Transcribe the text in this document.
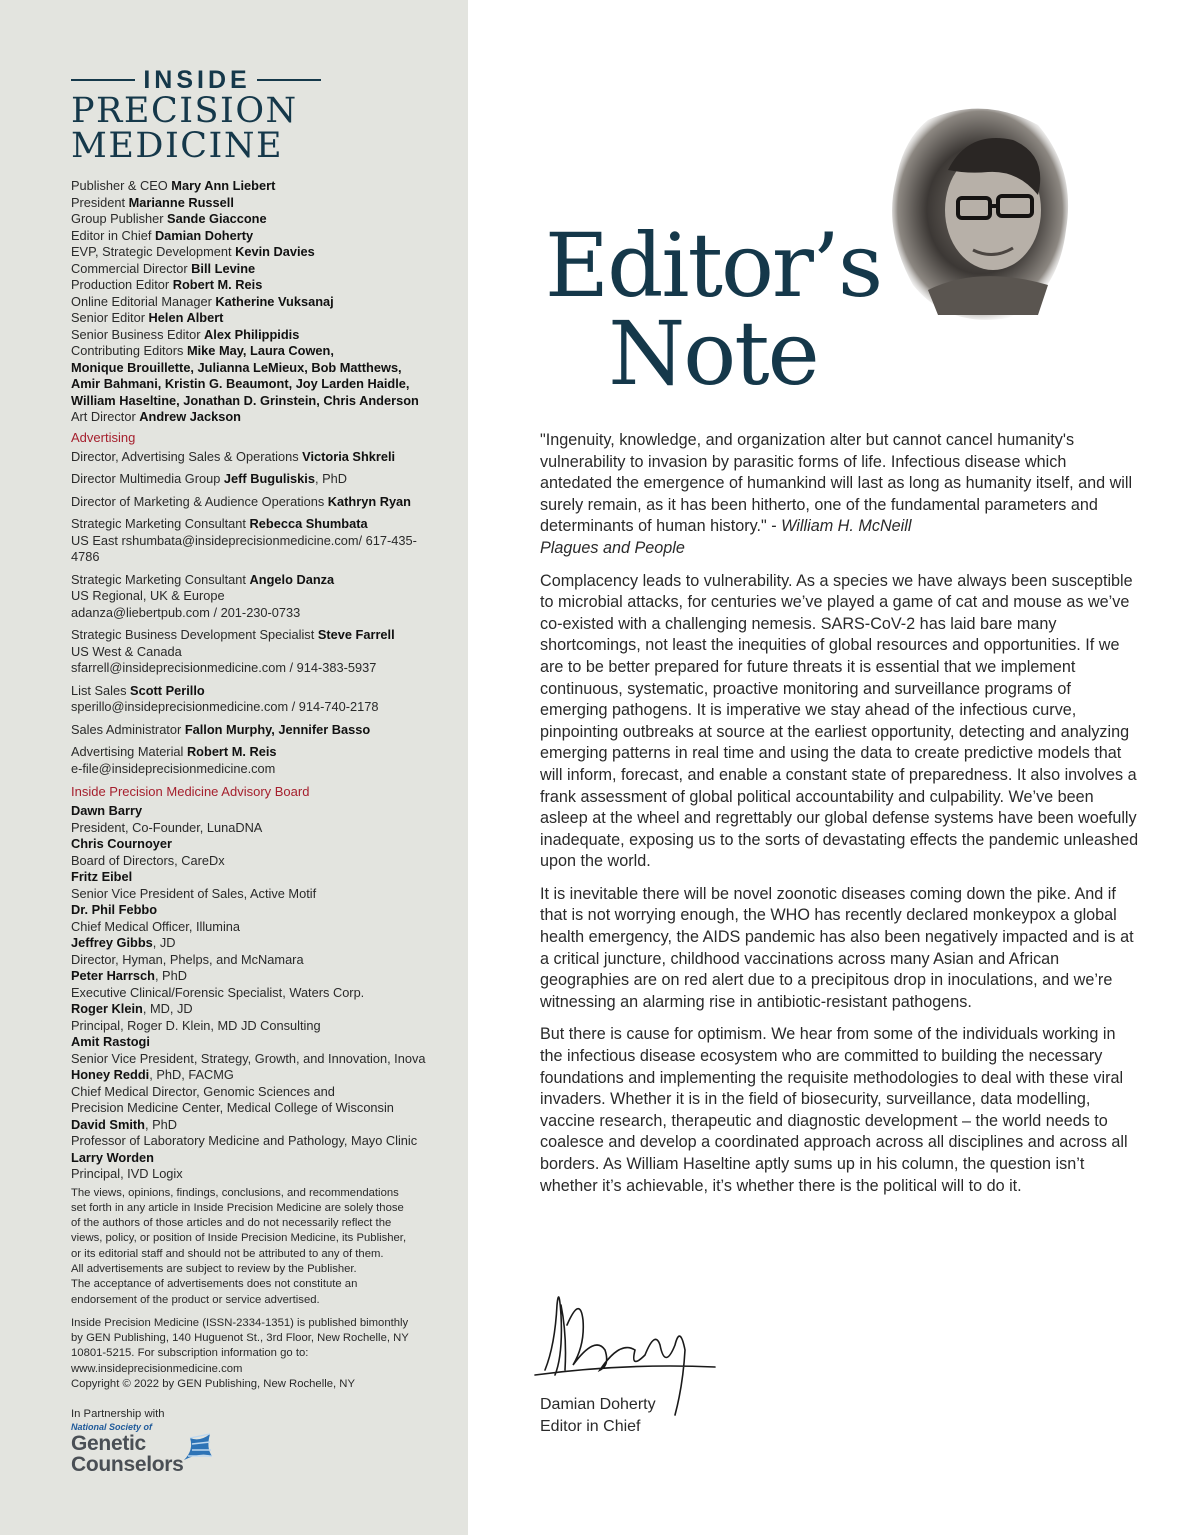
INSIDE
PRECISION
MEDICINE
Publisher & CEO Mary Ann Liebert
President Marianne Russell
Group Publisher Sande Giaccone
Editor in Chief Damian Doherty
EVP, Strategic Development Kevin Davies
Commercial Director Bill Levine
Production Editor Robert M. Reis
Online Editorial Manager Katherine Vuksanaj
Senior Editor Helen Albert
Senior Business Editor Alex Philippidis
Contributing Editors Mike May, Laura Cowen,
Monique Brouillette, Julianna LeMieux, Bob Matthews,
Amir Bahmani, Kristin G. Beaumont, Joy Larden Haidle,
William Haseltine, Jonathan D. Grinstein, Chris Anderson
Art Director Andrew Jackson
Advertising
Director, Advertising Sales & Operations Victoria Shkreli
Director Multimedia Group Jeff Buguliskis, PhD
Director of Marketing & Audience Operations Kathryn Ryan
Strategic Marketing Consultant Rebecca Shumbata
US East rshumbata@insideprecisionmedicine.com/ 617-435-4786
Strategic Marketing Consultant Angelo Danza
US Regional, UK & Europe
adanza@liebertpub.com / 201-230-0733
Strategic Business Development Specialist Steve Farrell
US West & Canada
sfarrell@insideprecisionmedicine.com / 914-383-5937
List Sales Scott Perillo
sperillo@insideprecisionmedicine.com / 914-740-2178
Sales Administrator Fallon Murphy, Jennifer Basso
Advertising Material Robert M. Reis
e-file@insideprecisionmedicine.com
Inside Precision Medicine Advisory Board
Dawn Barry
President, Co-Founder, LunaDNA
Chris Cournoyer
Board of Directors, CareDx
Fritz Eibel
Senior Vice President of Sales, Active Motif
Dr. Phil Febbo
Chief Medical Officer, Illumina
Jeffrey Gibbs, JD
Director, Hyman, Phelps, and McNamara
Peter Harrsch, PhD
Executive Clinical/Forensic Specialist, Waters Corp.
Roger Klein, MD, JD
Principal, Roger D. Klein, MD JD Consulting
Amit Rastogi
Senior Vice President, Strategy, Growth, and Innovation, Inova
Honey Reddi, PhD, FACMG
Chief Medical Director, Genomic Sciences and
Precision Medicine Center, Medical College of Wisconsin
David Smith, PhD
Professor of Laboratory Medicine and Pathology, Mayo Clinic
Larry Worden
Principal, IVD Logix
The views, opinions, findings, conclusions, and recommendations
set forth in any article in Inside Precision Medicine are solely those
of the authors of those articles and do not necessarily reflect the
views, policy, or position of Inside Precision Medicine, its Publisher,
or its editorial staff and should not be attributed to any of them.
All advertisements are subject to review by the Publisher.
The acceptance of advertisements does not constitute an
endorsement of the product or service advertised.
Inside Precision Medicine (ISSN-2334-1351) is published bimonthly
by GEN Publishing, 140 Huguenot St., 3rd Floor, New Rochelle, NY
10801-5215. For subscription information go to:
www.insideprecisionmedicine.com
Copyright © 2022 by GEN Publishing, New Rochelle, NY
In Partnership with
National Society of
Genetic
Counselors
Editor’s
Note

"Ingenuity, knowledge, and organization alter but cannot cancel humanity's vulnerability to invasion by parasitic forms of life. Infectious disease which antedated the emergence of humankind will last as long as humanity itself, and will surely remain, as it has been hitherto, one of the fundamental parameters and determinants of human history." - William H. McNeill
Plagues and People

Complacency leads to vulnerability. As a species we have always been susceptible to microbial attacks, for centuries we’ve played a game of cat and mouse as we’ve co-existed with a challenging nemesis. SARS-CoV-2 has laid bare many shortcomings, not least the inequities of global resources and opportunities. If we are to be better prepared for future threats it is essential that we implement continuous, systematic, proactive monitoring and surveillance programs of emerging pathogens. It is imperative we stay ahead of the infectious curve, pinpointing outbreaks at source at the earliest opportunity, detecting and analyzing emerging patterns in real time and using the data to create predictive models that will inform, forecast, and enable a constant state of preparedness. It also involves a frank assessment of global political accountability and culpability. We’ve been asleep at the wheel and regrettably our global defense systems have been woefully inadequate, exposing us to the sorts of devastating effects the pandemic unleashed upon the world.

It is inevitable there will be novel zoonotic diseases coming down the pike. And if that is not worrying enough, the WHO has recently declared monkeypox a global health emergency, the AIDS pandemic has also been negatively impacted and is at a critical juncture, childhood vaccinations across many Asian and African geographies are on red alert due to a precipitous drop in inoculations, and we’re witnessing an alarming rise in antibiotic-resistant pathogens.

But there is cause for optimism. We hear from some of the individuals working in the infectious disease ecosystem who are committed to building the necessary foundations and implementing the requisite methodologies to deal with these viral invaders. Whether it is in the field of biosecurity, surveillance, data modelling, vaccine research, therapeutic and diagnostic development – the world needs to coalesce and develop a coordinated approach across all disciplines and across all borders. As William Haseltine aptly sums up in his column, the question isn’t whether it’s achievable, it’s whether there is the political will to do it.

Damian Doherty
Editor in Chief
